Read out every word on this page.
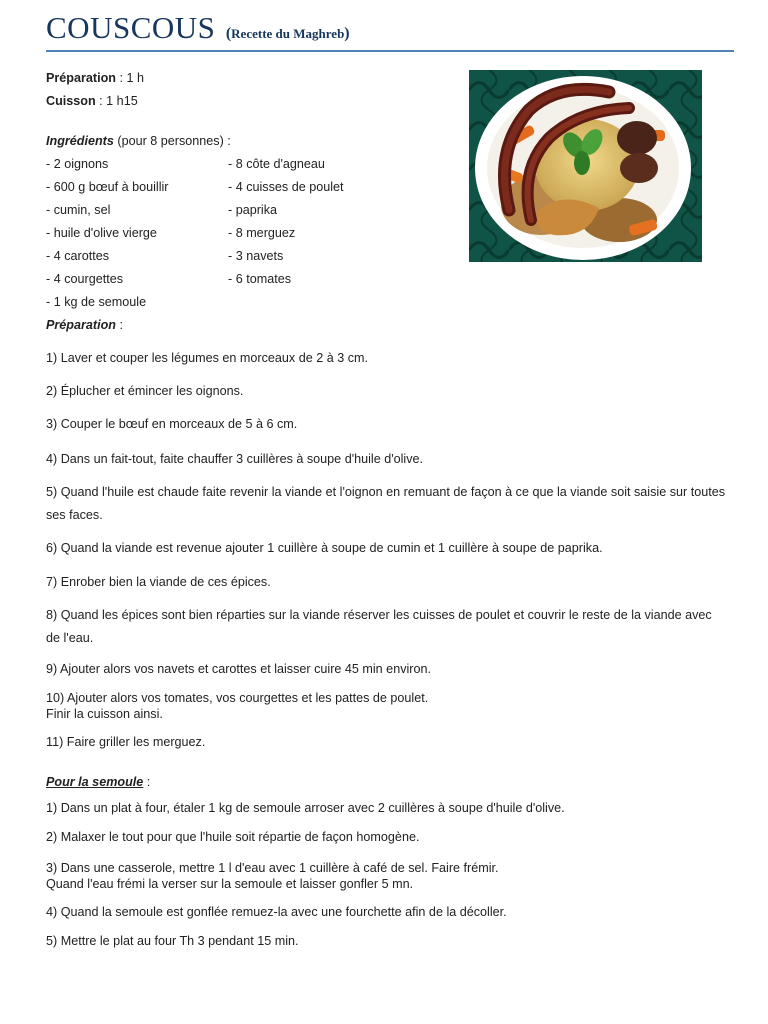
COUSCOUS (Recette du Maghreb)
Préparation : 1 h
Cuisson : 1 h15
Ingrédients (pour 8 personnes) :
- 2 oignons	- 8 côte d'agneau
- 600 g bœuf à bouillir	- 4 cuisses de poulet
- cumin, sel	- paprika
- huile d'olive vierge	- 8 merguez
- 4 carottes	- 3 navets
- 4 courgettes	- 6 tomates
- 1 kg de semoule
Préparation :
1) Laver et couper les légumes en morceaux de 2 à 3 cm.
2) Éplucher et émincer les oignons.
3) Couper le bœuf en morceaux de 5 à 6 cm.
4) Dans un fait-tout, faite chauffer 3 cuillères à soupe d'huile d'olive.
5) Quand l'huile est chaude faite revenir la viande et l'oignon en remuant de façon à ce que la viande soit saisie sur toutes ses faces.
6) Quand la viande est revenue ajouter 1 cuillère à soupe de cumin et 1 cuillère à soupe de paprika.
7) Enrober bien la viande de ces épices.
8) Quand les épices sont bien réparties sur la viande réserver les cuisses de poulet et couvrir le reste de la viande avec de l'eau.
9) Ajouter alors vos navets et carottes et laisser cuire 45 min environ.
10) Ajouter alors vos tomates, vos courgettes et les pattes de poulet.
Finir la cuisson ainsi.
11) Faire griller les merguez.
Pour la semoule :
1) Dans un plat à four, étaler 1 kg de semoule arroser avec 2 cuillères à soupe d'huile d'olive.
2) Malaxer le tout pour que l'huile soit répartie de façon homogène.
3) Dans une casserole, mettre 1 l d'eau avec 1 cuillère à café de sel. Faire frémir.
Quand l'eau frémi la verser sur la semoule et laisser gonfler 5 mn.
4) Quand la semoule est gonflée remuez-la avec une fourchette afin de la décoller.
5) Mettre le plat au four Th 3 pendant 15 min.
